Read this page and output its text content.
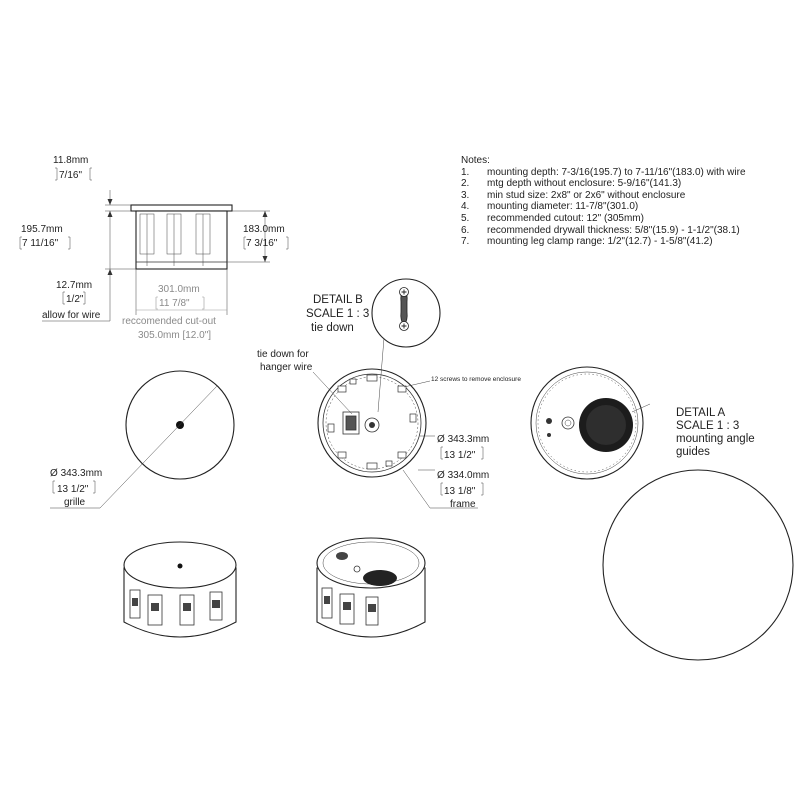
11.8mm
7/16"
195.7mm
7 11/16"
183.0mm
7 3/16"
12.7mm
1/2"
allow for wire
301.0mm
11 7/8"
reccomended cut-out
305.0mm [12.0"]
Ø 343.3mm
13 1/2"
grille
tie down for
hanger wire
12 screws to remove enclosure
Ø 343.3mm
13 1/2"
Ø 334.0mm
13 1/8"
frame
DETAIL B
SCALE 1 : 3
tie down
DETAIL A
SCALE 1 : 3
mounting angle
guides
Notes:
1.	mounting depth: 7-3/16(195.7) to 7-11/16"(183.0) with wire
2.	mtg depth without enclosure: 5-9/16"(141.3)
3.	min stud size: 2x8" or 2x6" without enclosure
4.	mounting diameter: 11-7/8"(301.0)
5.	recommended cutout: 12" (305mm)
6.	recommended drywall thickness: 5/8"(15.9) - 1-1/2"(38.1)
7.	mounting leg clamp range: 1/2"(12.7) - 1-5/8"(41.2)
